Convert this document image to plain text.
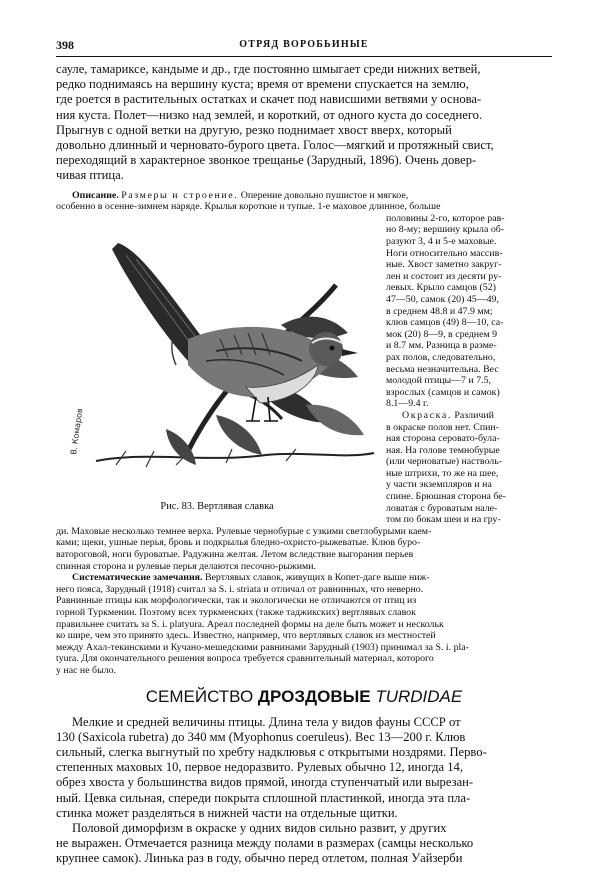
398	ОТРЯД ВОРОБЬИНЫЕ

сауле, тамариксе, кандыме и др., где постоянно шмыгает среди нижних ветвей,

редко поднимаясь на вершину куста; время от времени спускается на землю,

где роется в растительных остатках и скачет под нависшими ветвями у основа-

ния куста. Полет—низко над землей, и короткий, от одного куста до соседнего.

Прыгнув с одной ветки на другую, резко поднимает хвост вверх, который

довольно длинный и черновато-бурого цвета. Голос—мягкий и протяжный свист,

переходящий в характерное звонкое трещанье (Зарудный, 1896). Очень довер-

чивая птица.

Описание. Размеры и строение. Оперение довольно пушистое и мягкое,

особенно в осенне-зимнем наряде. Крылья короткие и тупые. 1-е маховое длинное, больше

В. Комаров
Рис. 83. Вертлявая славка

половины 2-го, которое рав-

но 8-му; вершину крыла об-

разуют 3, 4 и 5-е маховые.

Ноги относительно массив-

ные. Хвост заметно закруг-

лен и состоит из десяти ру-

левых. Крыло самцов (52)

47—50, самок (20) 45—49,

в среднем 48.8 и 47.9 мм;

клюв самцов (49) 8—10, са-

мок (20) 8—9, в среднем 9

и 8.7 мм. Разница в разме-

рах полов, следовательно,

весьма незначительна. Вес

молодой птицы—7 и 7.5,

взрослых (самцов и самок)

8.1—9.4 г.

Окраска. Различий

в окраске полов нет. Спин-

ная сторона серовато-була-

ная. На голове темнобурые

(или черноватые) настволь-

ные штрихи, то же на шее,

у части экземпляров и на

спине. Брюшная сторона бе-

ловатая с буроватым нале-

том по бокам шеи и на гру-

ди. Маховые несколько темнее верха. Рулевые чернобурые с узкими светлобурыми каем-

ками; щеки, ушные перья, бровь и подкрылья бледно-охристо-рыжеватые. Клюв буро-

ватороговой, ноги буроватые. Радужина желтая. Летом вследствие выгорания перьев

спинная сторона и рулевые перья делаются песочно-рыжими.

Систематические замечания. Вертлявых славок, живущих в Копет-даге выше ниж-

него пояса, Зарудный (1918) считал за S. i. striata и отличал от равнинных, что неверно.

Равнинные птицы как морфологически, так и экологически не отличаются от птиц из

горной Туркмении. Поэтому всех туркменских (также таджикских) вертлявых славок

правильнее считать за S. i. platyura. Ареал последней формы на деле быть может и нескольк

ко шире, чем это принято здесь. Известно, например, что вертлявых славок из местностей

между Ахал-текинскими и Кучано-мешедскими равнинами Зарудный (1903) принимал за S. i. pla-

tyura. Для окончательного решения вопроса требуется сравнительный материал, которого

у нас не было.

СЕМЕЙСТВО ДРОЗДОВЫЕ TURDIDAE

Мелкие и средней величины птицы. Длина тела у видов фауны СССР от

130 (Saxicola rubetra) до 340 мм (Myophonus coeruleus). Вес 13—200 г. Клюв

сильный, слегка выгнутый по хребту надклювья с открытыми ноздрями. Перво-

степенных маховых 10, первое недоразвито. Рулевых обычно 12, иногда 14,

обрез хвоста у большинства видов прямой, иногда ступенчатый или вырезан-

ный. Цевка сильная, спереди покрыта сплошной пластинкой, иногда эта пла-

стинка может разделяться в нижней части на отдельные щитки.

Половой диморфизм в окраске у одних видов сильно развит, у других

не выражен. Отмечается разница между полами в размерах (самцы несколько

крупнее самок). Линька раз в году, обычно перед отлетом, полная Уайзерби
